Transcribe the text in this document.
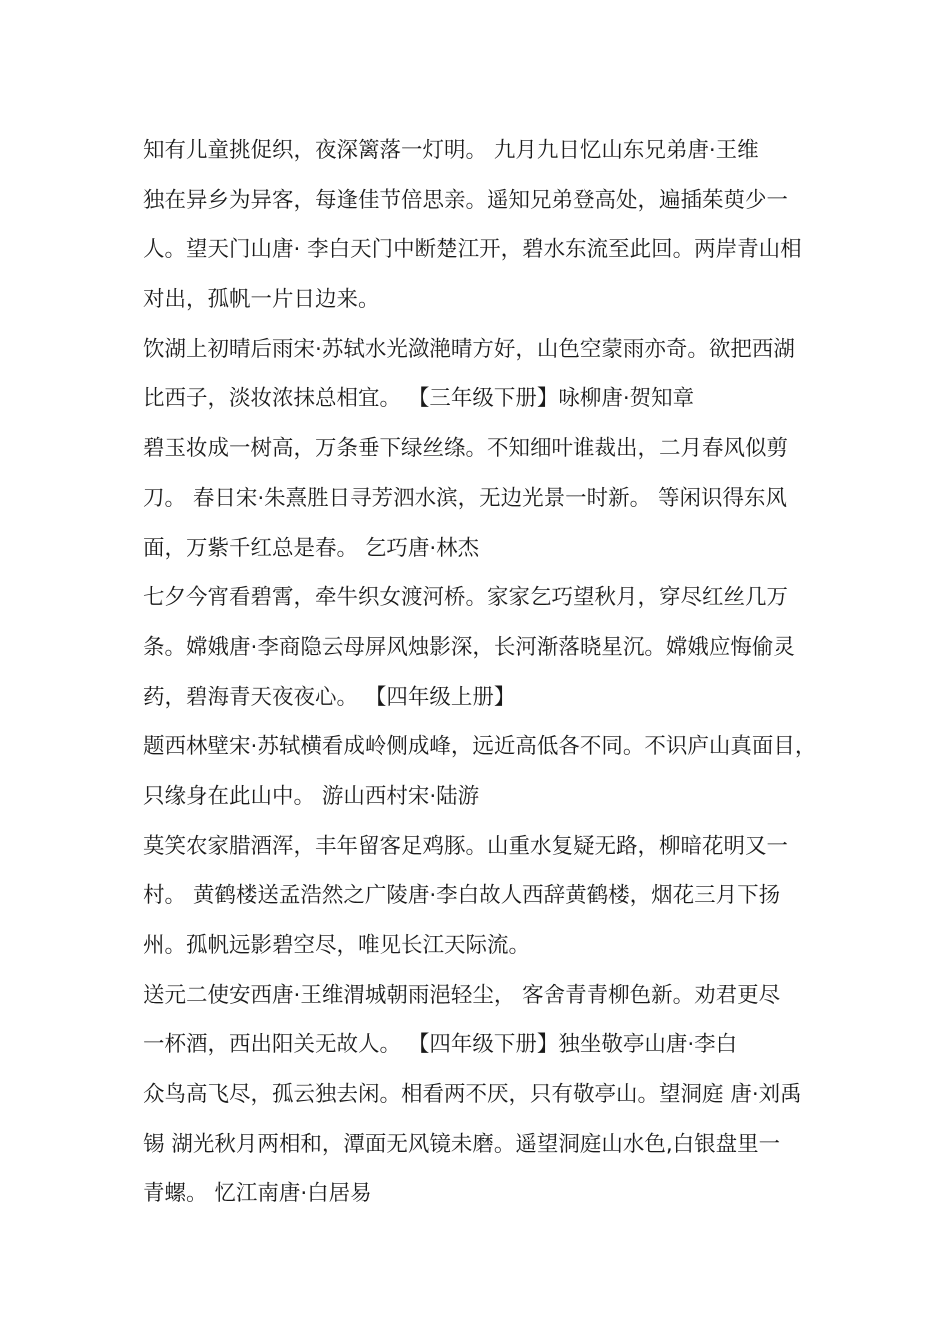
知有儿童挑促织，夜深篱落一灯明。 九月九日忆山东兄弟唐·王维
独在异乡为异客，每逢佳节倍思亲。遥知兄弟登高处，遍插茱萸少一
人。望天门山唐· 李白天门中断楚江开，碧水东流至此回。两岸青山相
对出，孤帆一片日边来。
饮湖上初晴后雨宋·苏轼水光潋滟晴方好，山色空蒙雨亦奇。欲把西湖
比西子，淡妆浓抹总相宜。 【三年级下册】咏柳唐·贺知章
碧玉妆成一树高，万条垂下绿丝绦。不知细叶谁裁出，二月春风似剪
刀。 春日宋·朱熹胜日寻芳泗水滨，无边光景一时新。 等闲识得东风
面，万紫千红总是春。 乞巧唐·林杰
七夕今宵看碧霄，牵牛织女渡河桥。家家乞巧望秋月，穿尽红丝几万
条。嫦娥唐·李商隐云母屏风烛影深，长河渐落晓星沉。嫦娥应悔偷灵
药，碧海青天夜夜心。 【四年级上册】
题西林壁宋·苏轼横看成岭侧成峰，远近高低各不同。不识庐山真面目，
只缘身在此山中。 游山西村宋·陆游
莫笑农家腊酒浑，丰年留客足鸡豚。山重水复疑无路，柳暗花明又一
村。 黄鹤楼送孟浩然之广陵唐·李白故人西辞黄鹤楼，烟花三月下扬
州。孤帆远影碧空尽，唯见长江天际流。
送元二使安西唐·王维渭城朝雨浥轻尘， 客舍青青柳色新。劝君更尽
一杯酒，西出阳关无故人。 【四年级下册】独坐敬亭山唐·李白
众鸟高飞尽，孤云独去闲。相看两不厌，只有敬亭山。望洞庭 唐·刘禹
锡 湖光秋月两相和，潭面无风镜未磨。遥望洞庭山水色,白银盘里一
青螺。 忆江南唐·白居易
